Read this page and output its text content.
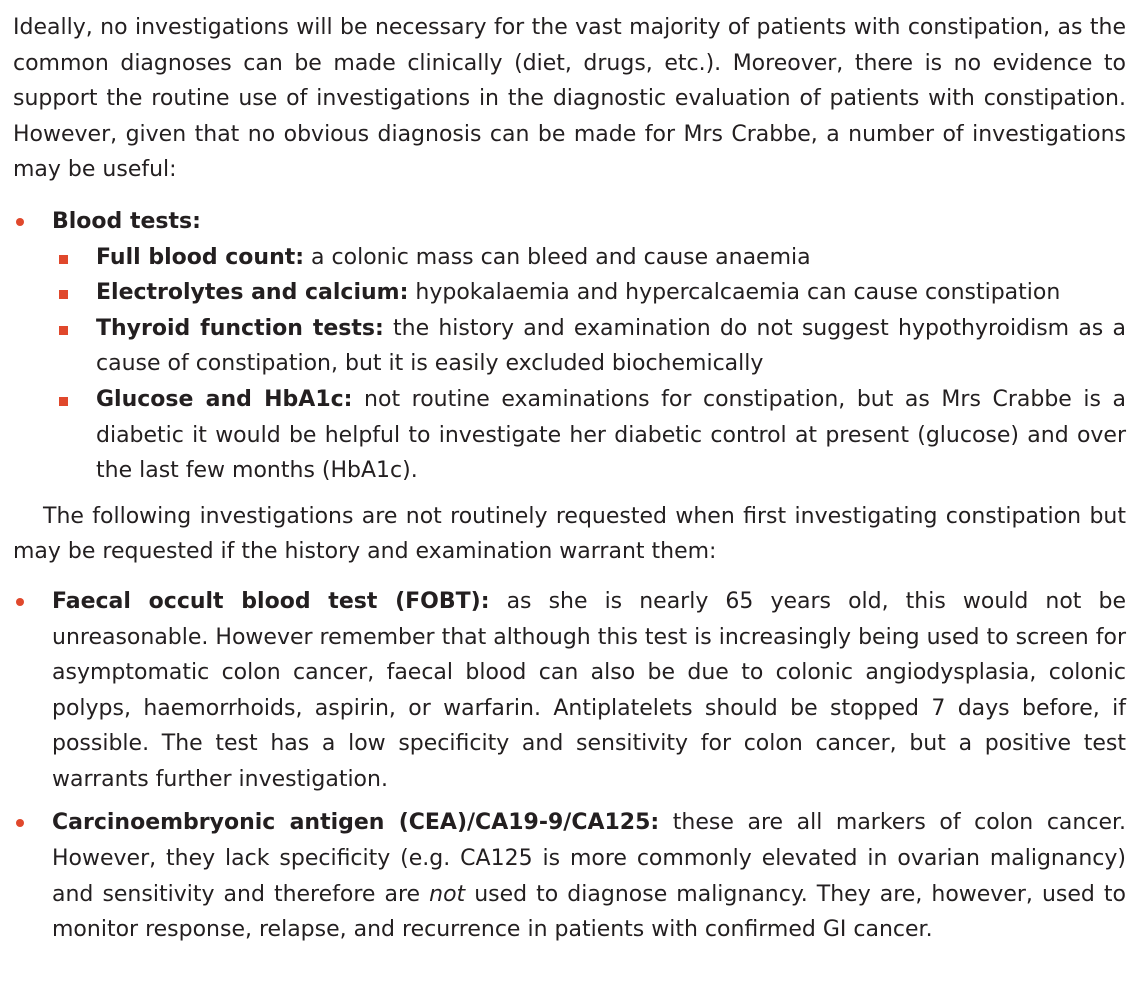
Ideally, no investigations will be necessary for the vast majority of patients with constipation, as the common diagnoses can be made clinically (diet, drugs, etc.). Moreover, there is no evidence to support the routine use of investigations in the diagnostic evaluation of patients with constipation. However, given that no obvious diagnosis can be made for Mrs Crabbe, a number of investigations may be useful:

Blood tests:
Full blood count: a colonic mass can bleed and cause anaemia
Electrolytes and calcium: hypokalaemia and hypercalcaemia can cause constipation
Thyroid function tests: the history and examination do not suggest hypothyroidism as a cause of constipation, but it is easily excluded biochemically
Glucose and HbA1c: not routine examinations for constipation, but as Mrs Crabbe is a diabetic it would be helpful to investigate her diabetic control at present (glucose) and over the last few months (HbA1c).

The following investigations are not routinely requested when first investigating constipation but may be requested if the history and examination warrant them:

Faecal occult blood test (FOBT): as she is nearly 65 years old, this would not be unreasonable. However remember that although this test is increasingly being used to screen for asymptomatic colon cancer, faecal blood can also be due to colonic angiodysplasia, colonic polyps, haemorrhoids, aspirin, or warfarin. Antiplatelets should be stopped 7 days before, if possible. The test has a low specificity and sensitivity for colon cancer, but a positive test warrants further investigation.
Carcinoembryonic antigen (CEA)/CA19-9/CA125: these are all markers of colon cancer. However, they lack specificity (e.g. CA125 is more commonly elevated in ovarian malignancy) and sensitivity and therefore are not used to diagnose malignancy. They are, however, used to monitor response, relapse, and recurrence in patients with confirmed GI cancer.
